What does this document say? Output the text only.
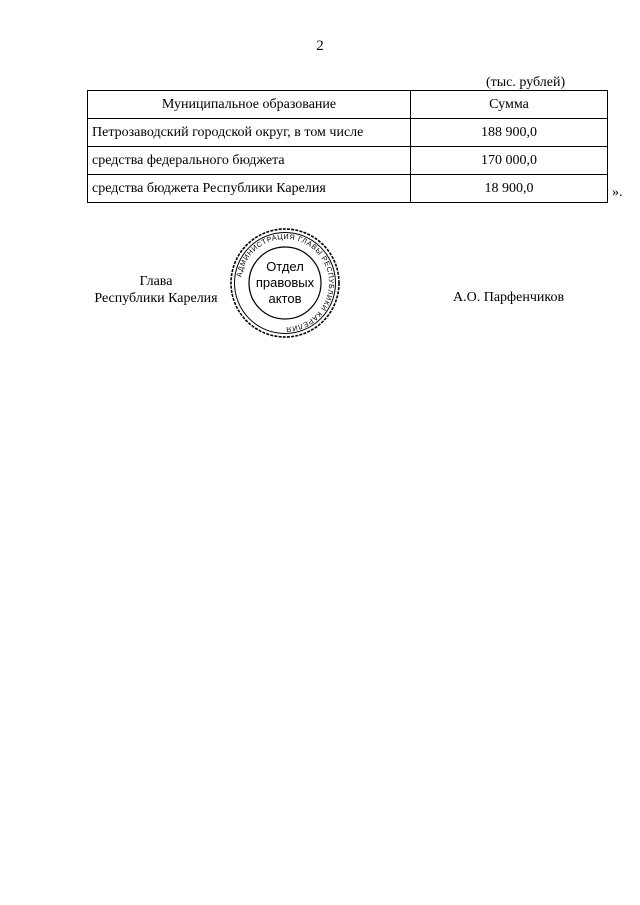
2
(тыс. рублей)
Муниципальное образование	Сумма
Петрозаводский городской округ, в том числе	188 900,0
средства федерального бюджета	170 000,0
средства бюджета Республики Карелия	18 900,0	».
Глава
Республики Карелия	А.О. Парфенчиков
АДМИНИСТРАЦИЯ ГЛАВЫ РЕСПУБЛИКИ КАРЕЛИЯ
Отдел
правовых
актов
